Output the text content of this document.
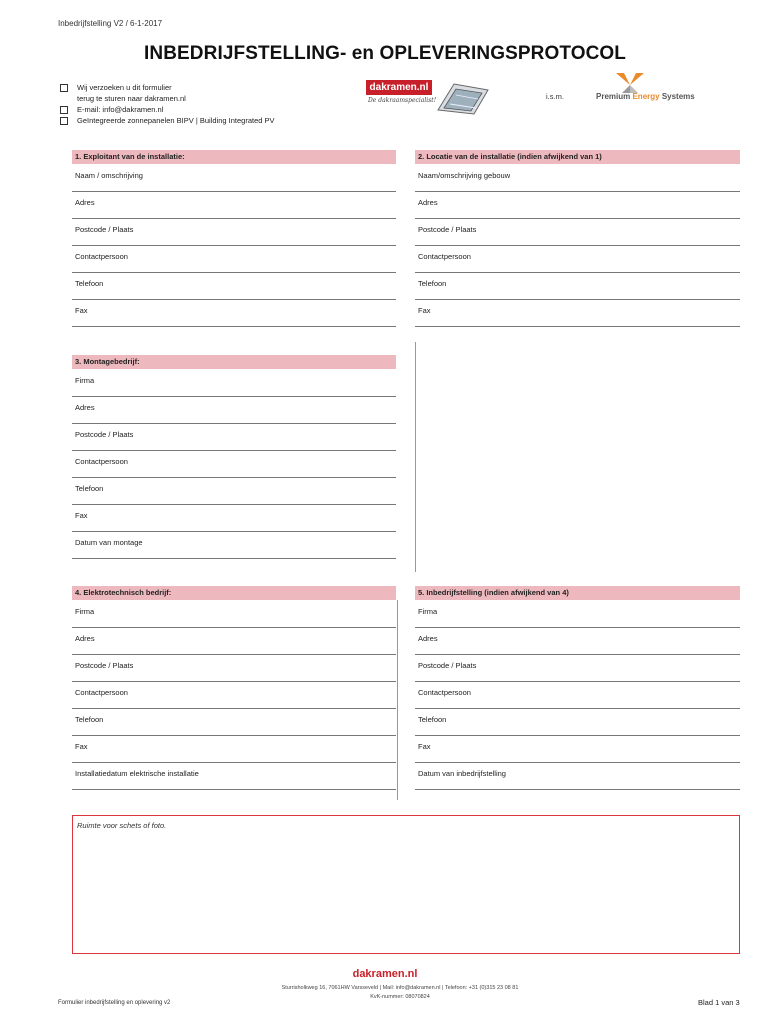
Inbedrijfstelling V2 / 6-1-2017
INBEDRIJFSTELLING- en OPLEVERINGSPROTOCOL
Wij verzoeken u dit formulier
terug te sturen naar dakramen.nl
E-mail: info@dakramen.nl
Geïntegreerde zonnepanelen BIPV | Building Integrated PV
dakramen.nl
De dakraamspecialist!	i.s.m.	Premium Energy Systems
1. Exploitant van de installatie:
Naam / omschrijving
Adres
Postcode / Plaats
Contactpersoon
Telefoon
Fax
2. Locatie van de installatie (indien afwijkend van 1)
Naam/omschrijving gebouw
Adres
Postcode / Plaats
Contactpersoon
Telefoon
Fax
3. Montagebedrijf:
Firma
Adres
Postcode / Plaats
Contactpersoon
Telefoon
Fax
Datum van montage
4. Elektrotechnisch bedrijf:
Firma
Adres
Postcode / Plaats
Contactpersoon
Telefoon
Fax
Installatiedatum elektrische installatie
5. Inbedrijfstelling (indien afwijkend van 4)
Firma
Adres
Postcode / Plaats
Contactpersoon
Telefoon
Fax
Datum van inbedrijfstelling
Ruimte voor schets of foto.
dakramen.nl
Sturrisholkweg 16, 7061HW Varsseveld | Mail: info@dakramen.nl | Telefoon: +31 (0)315 23 08 81
KvK-nummer: 08070824
Formulier inbedrijfstelling en oplevering v2	Blad 1 van 3
